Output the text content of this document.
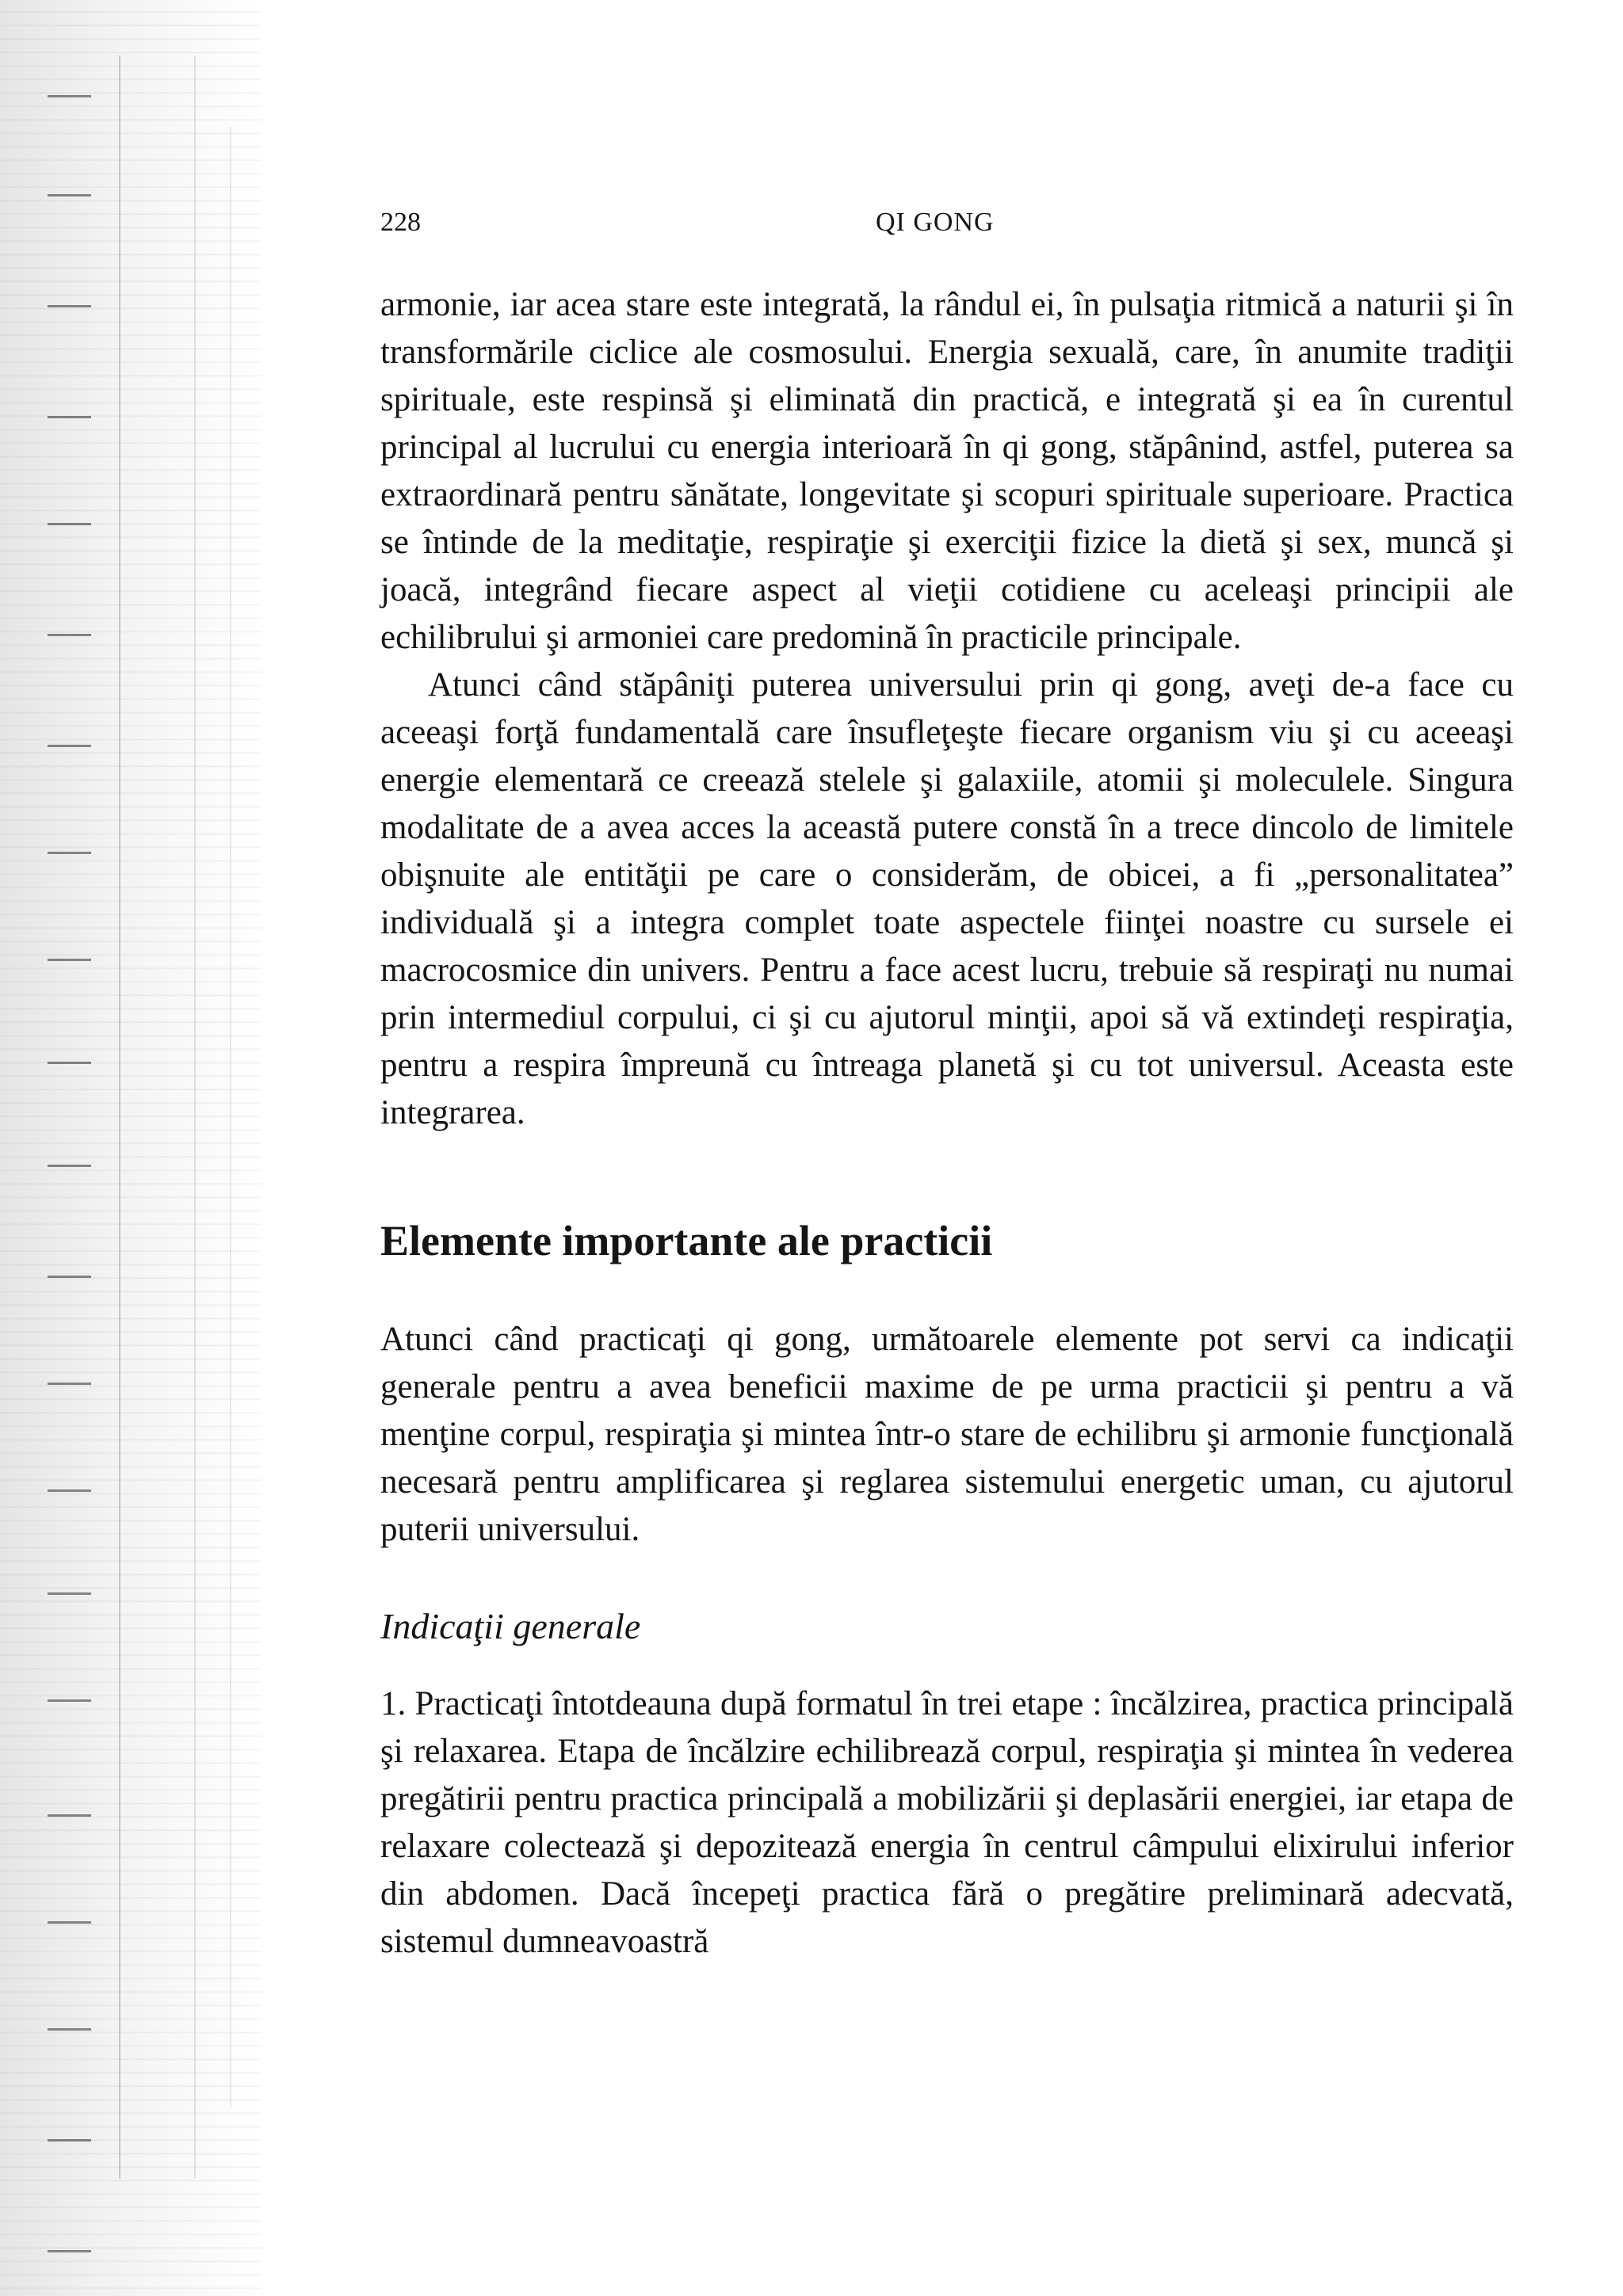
228	QI GONG

armonie, iar acea stare este integrată, la rândul ei, în pulsaţia ritmică a naturii şi în transformările ciclice ale cosmosului. Energia sexuală, care, în anumite tradiţii spirituale, este respinsă şi eliminată din practică, e integrată şi ea în curentul principal al lucrului cu energia interioară în qi gong, stăpânind, astfel, puterea sa extraordinară pentru sănătate, longevitate şi scopuri spirituale superioare. Practica se întinde de la meditaţie, respiraţie şi exerciţii fizice la dietă şi sex, muncă şi joacă, integrând fiecare aspect al vieţii cotidiene cu aceleaşi principii ale echilibrului şi armoniei care predomină în practicile principale.

Atunci când stăpâniţi puterea universului prin qi gong, aveţi de-a face cu aceeaşi forţă fundamentală care însufleţeşte fiecare organism viu şi cu aceeaşi energie elementară ce creează stelele şi galaxiile, atomii şi moleculele. Singura modalitate de a avea acces la această putere constă în a trece dincolo de limitele obişnuite ale entităţii pe care o considerăm, de obicei, a fi „personalitatea” individuală şi a integra complet toate aspectele fiinţei noastre cu sursele ei macrocosmice din univers. Pentru a face acest lucru, trebuie să respiraţi nu numai prin intermediul corpului, ci şi cu ajutorul minţii, apoi să vă extindeţi respiraţia, pentru a respira împreună cu întreaga planetă şi cu tot universul. Aceasta este integrarea.

Elemente importante ale practicii

Atunci când practicaţi qi gong, următoarele elemente pot servi ca indicaţii generale pentru a avea beneficii maxime de pe urma practicii şi pentru a vă menţine corpul, respiraţia şi mintea într-o stare de echilibru şi armonie funcţională necesară pentru amplificarea şi reglarea sistemului energetic uman, cu ajutorul puterii universului.

Indicaţii generale

1. Practicaţi întotdeauna după formatul în trei etape : încălzirea, practica principală şi relaxarea. Etapa de încălzire echilibrează corpul, respiraţia şi mintea în vederea pregătirii pentru practica principală a mobilizării şi deplasării energiei, iar etapa de relaxare colectează şi depozitează energia în centrul câmpului elixirului inferior din abdomen. Dacă începeţi practica fără o pregătire preliminară adecvată, sistemul dumneavoastră
